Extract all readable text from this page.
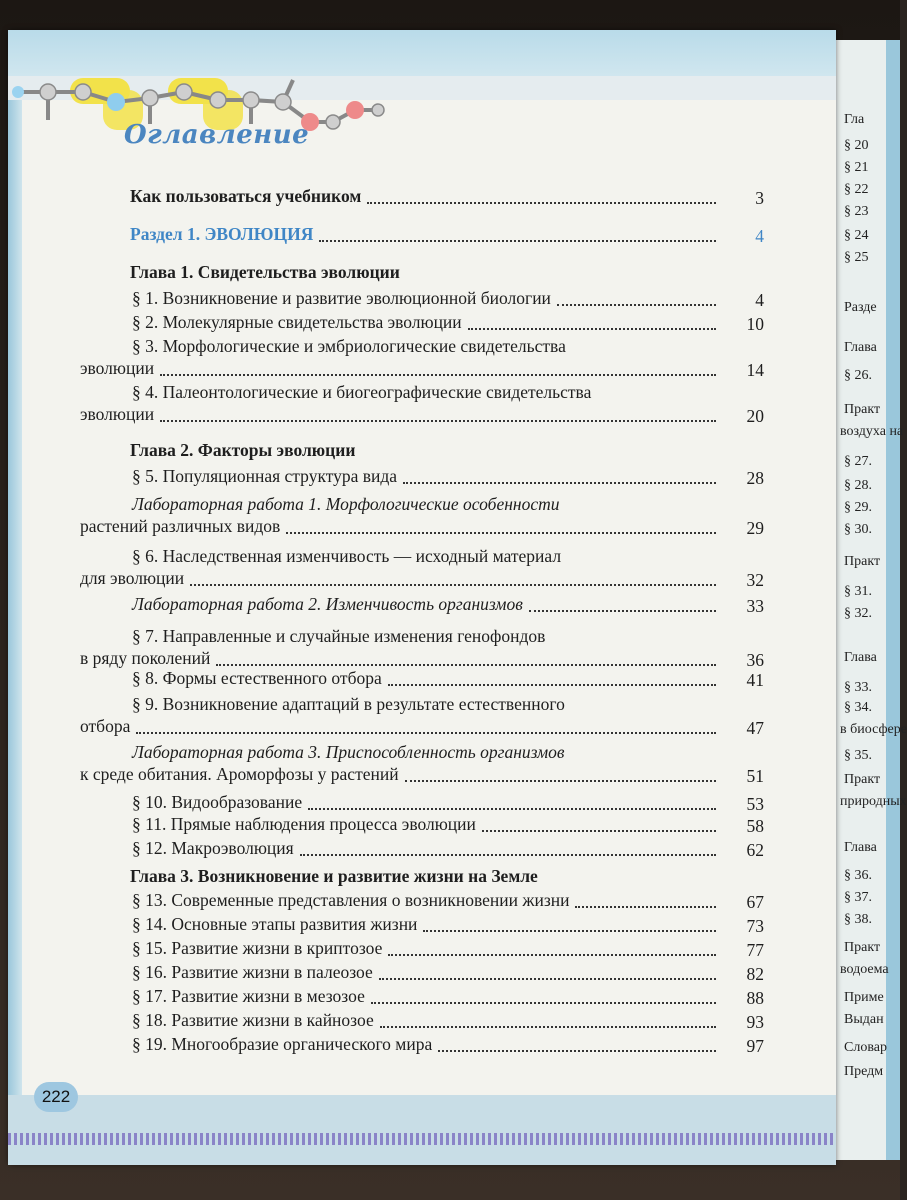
Гла
§ 20
§ 21
§ 22
§ 23
§ 24
§ 25
Разде
Глава
§ 26.
Практ
воздуха на
§ 27.
§ 28.
§ 29.
§ 30.
Практ
§ 31.
§ 32.
Глава
§ 33.
§ 34.
в биосфере
§ 35.
Практ
природных
Глава
§ 36.
§ 37.
§ 38.
Практ
водоема
Приме
Выдан
Словар
Предм
Оглавление
Как пользоваться учебником	3
Раздел 1. ЭВОЛЮЦИЯ	4
Глава 1. Свидетельства эволюции
§ 1. Возникновение и развитие эволюционной биологии	4
§ 2. Молекулярные свидетельства эволюции	10
§ 3. Морфологические и эмбриологические свидетельства
эволюции	14
§ 4. Палеонтологические и биогеографические свидетельства
эволюции	20
Глава 2. Факторы эволюции
§ 5. Популяционная структура вида	28
Лабораторная работа 1. Морфологические особенности
растений различных видов	29
§ 6. Наследственная изменчивость — исходный материал
для эволюции	32
Лабораторная работа 2. Изменчивость организмов	33
§ 7. Направленные и случайные изменения генофондов
в ряду поколений	36
§ 8. Формы естественного отбора	41
§ 9. Возникновение адаптаций в результате естественного
отбора	47
Лабораторная работа 3. Приспособленность организмов
к среде обитания. Ароморфозы у растений	51
§ 10. Видообразование	53
§ 11. Прямые наблюдения процесса эволюции	58
§ 12. Макроэволюция	62
Глава 3. Возникновение и развитие жизни на Земле
§ 13. Современные представления о возникновении жизни	67
§ 14. Основные этапы развития жизни	73
§ 15. Развитие жизни в криптозое	77
§ 16. Развитие жизни в палеозое	82
§ 17. Развитие жизни в мезозое	88
§ 18. Развитие жизни в кайнозое	93
§ 19. Многообразие органического мира	97
222
